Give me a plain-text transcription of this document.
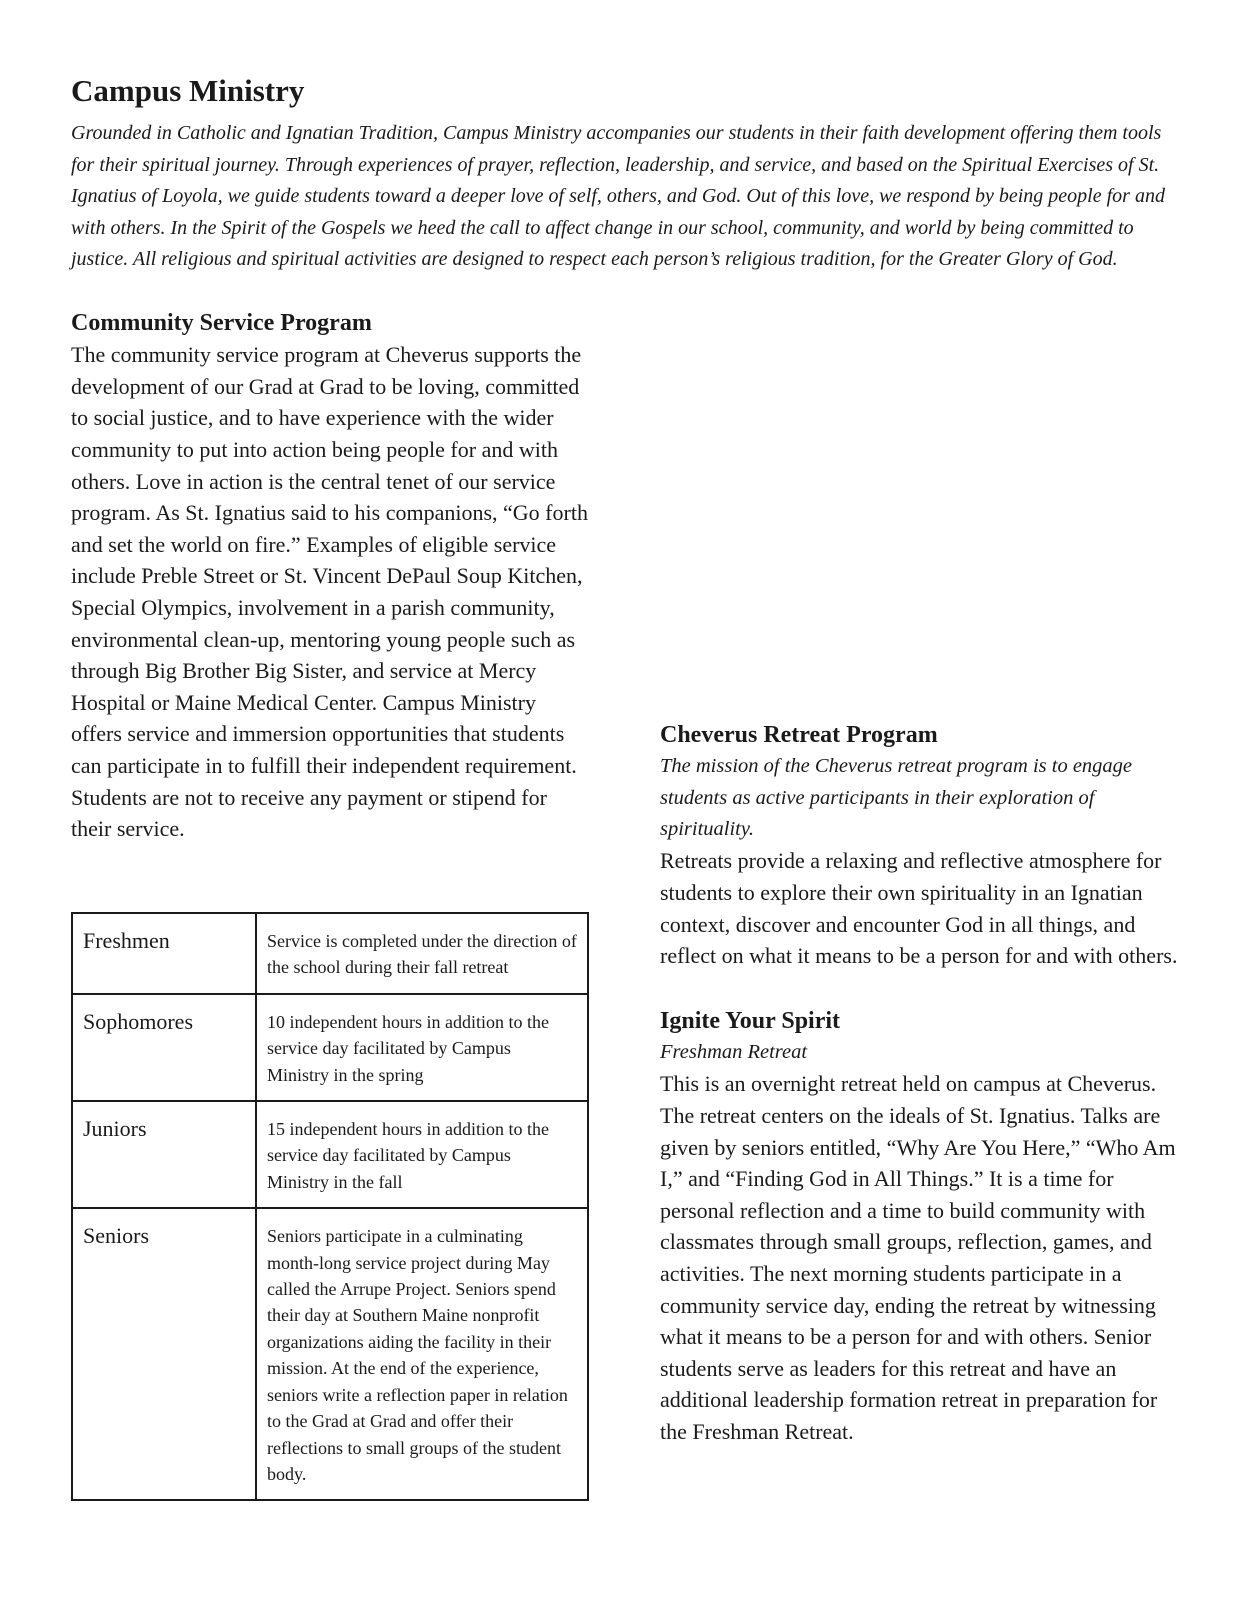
Campus Ministry

Grounded in Catholic and Ignatian Tradition, Campus Ministry accompanies our students in their faith development offering them tools for their spiritual journey. Through experiences of prayer, reflection, leadership, and service, and based on the Spiritual Exercises of St. Ignatius of Loyola, we guide students toward a deeper love of self, others, and God. Out of this love, we respond by being people for and with others. In the Spirit of the Gospels we heed the call to affect change in our school, community, and world by being committed to justice. All religious and spiritual activities are designed to respect each person’s religious tradition, for the Greater Glory of God.

Community Service Program

The community service program at Cheverus supports the development of our Grad at Grad to be loving, committed to social justice, and to have experience with the wider community to put into action being people for and with others. Love in action is the central tenet of our service program. As St. Ignatius said to his companions, “Go forth and set the world on fire.” Examples of eligible service include Preble Street or St. Vincent DePaul Soup Kitchen, Special Olympics, involvement in a parish community, environmental clean-up, mentoring young people such as through Big Brother Big Sister, and service at Mercy Hospital or Maine Medical Center. Campus Ministry offers service and immersion opportunities that students can participate in to fulfill their independent requirement. Students are not to receive any payment or stipend for their service.

Freshmen	Service is completed under the direction of the school during their fall retreat
Sophomores	10 independent hours in addition to the service day facilitated by Campus Ministry in the spring
Juniors	15 independent hours in addition to the service day facilitated by Campus Ministry in the fall
Seniors	Seniors participate in a culminating month-long service project during May called the Arrupe Project. Seniors spend their day at Southern Maine nonprofit organizations aiding the facility in their mission. At the end of the experience, seniors write a reflection paper in relation to the Grad at Grad and offer their reflections to small groups of the student body.
Cheverus Retreat Program

The mission of the Cheverus retreat program is to engage students as active participants in their exploration of spirituality.

Retreats provide a relaxing and reflective atmosphere for students to explore their own spirituality in an Ignatian context, discover and encounter God in all things, and reflect on what it means to be a person for and with others.

Ignite Your Spirit

Freshman Retreat

This is an overnight retreat held on campus at Cheverus. The retreat centers on the ideals of St. Ignatius. Talks are given by seniors entitled, “Why Are You Here,” “Who Am I,” and “Finding God in All Things.” It is a time for personal reflection and a time to build community with classmates through small groups, reflection, games, and activities. The next morning students participate in a community service day, ending the retreat by witnessing what it means to be a person for and with others. Senior students serve as leaders for this retreat and have an additional leadership formation retreat in preparation for the Freshman Retreat.
